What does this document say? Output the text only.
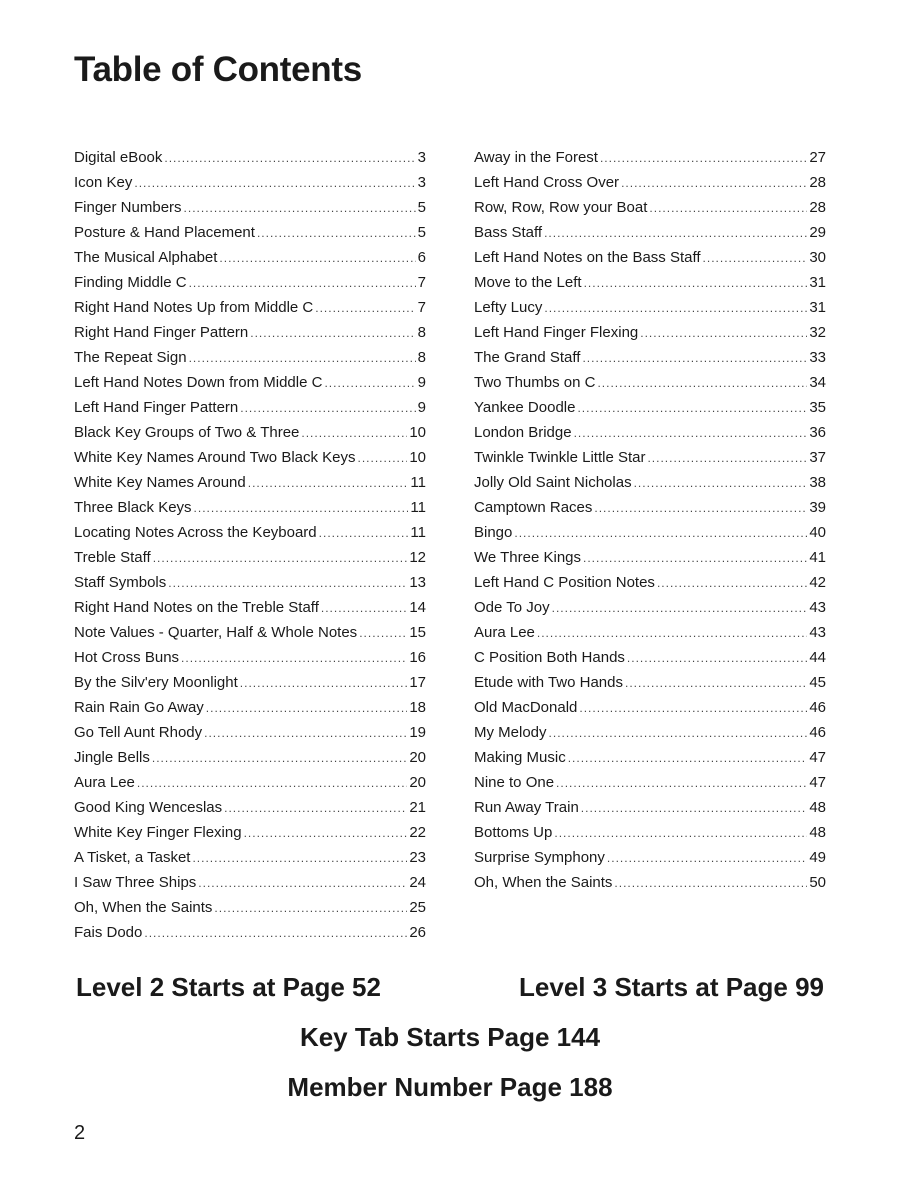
Table of Contents
Digital eBook .....	3
Icon Key .....	3
Finger Numbers .....	5
Posture & Hand Placement .....	5
The Musical Alphabet .....	6
Finding Middle C .....	7
Right Hand Notes Up from Middle C .....	7
Right Hand Finger Pattern .....	8
The Repeat Sign .....	8
Left Hand Notes Down from Middle C .....	9
Left Hand Finger Pattern .....	9
Black Key Groups of Two & Three .....	10
White Key Names Around Two Black Keys .....	10
White Key Names Around .....	11
Three Black Keys .....	11
Locating Notes Across the Keyboard .....	11
Treble Staff .....	12
Staff Symbols .....	13
Right Hand Notes on the Treble Staff .....	14
Note Values - Quarter, Half & Whole Notes .....	15
Hot Cross Buns .....	16
By the Silv'ery Moonlight .....	17
Rain Rain Go Away .....	18
Go Tell Aunt Rhody .....	19
Jingle Bells .....	20
Aura Lee .....	20
Good King Wenceslas .....	21
White Key Finger Flexing .....	22
A Tisket, a Tasket .....	23
I Saw Three Ships .....	24
Oh, When the Saints .....	25
Fais Dodo .....	26
Away in the Forest .....	27
Left Hand Cross Over .....	28
Row, Row, Row your Boat .....	28
Bass Staff .....	29
Left Hand Notes on the Bass Staff .....	30
Move to the Left .....	31
Lefty Lucy .....	31
Left Hand Finger Flexing .....	32
The Grand Staff .....	33
Two Thumbs on C .....	34
Yankee Doodle .....	35
London Bridge .....	36
Twinkle Twinkle Little Star .....	37
Jolly Old Saint Nicholas .....	38
Camptown Races .....	39
Bingo .....	40
We Three Kings .....	41
Left Hand C Position Notes .....	42
Ode To Joy .....	43
Aura Lee .....	43
C Position Both Hands .....	44
Etude with Two Hands .....	45
Old MacDonald .....	46
My Melody .....	46
Making Music .....	47
Nine to One .....	47
Run Away Train .....	48
Bottoms Up .....	48
Surprise Symphony .....	49
Oh, When the Saints .....	50

Level 2 Starts at Page 52	Level 3 Starts at Page 99

Key Tab Starts Page 144

Member Number Page 188

2
